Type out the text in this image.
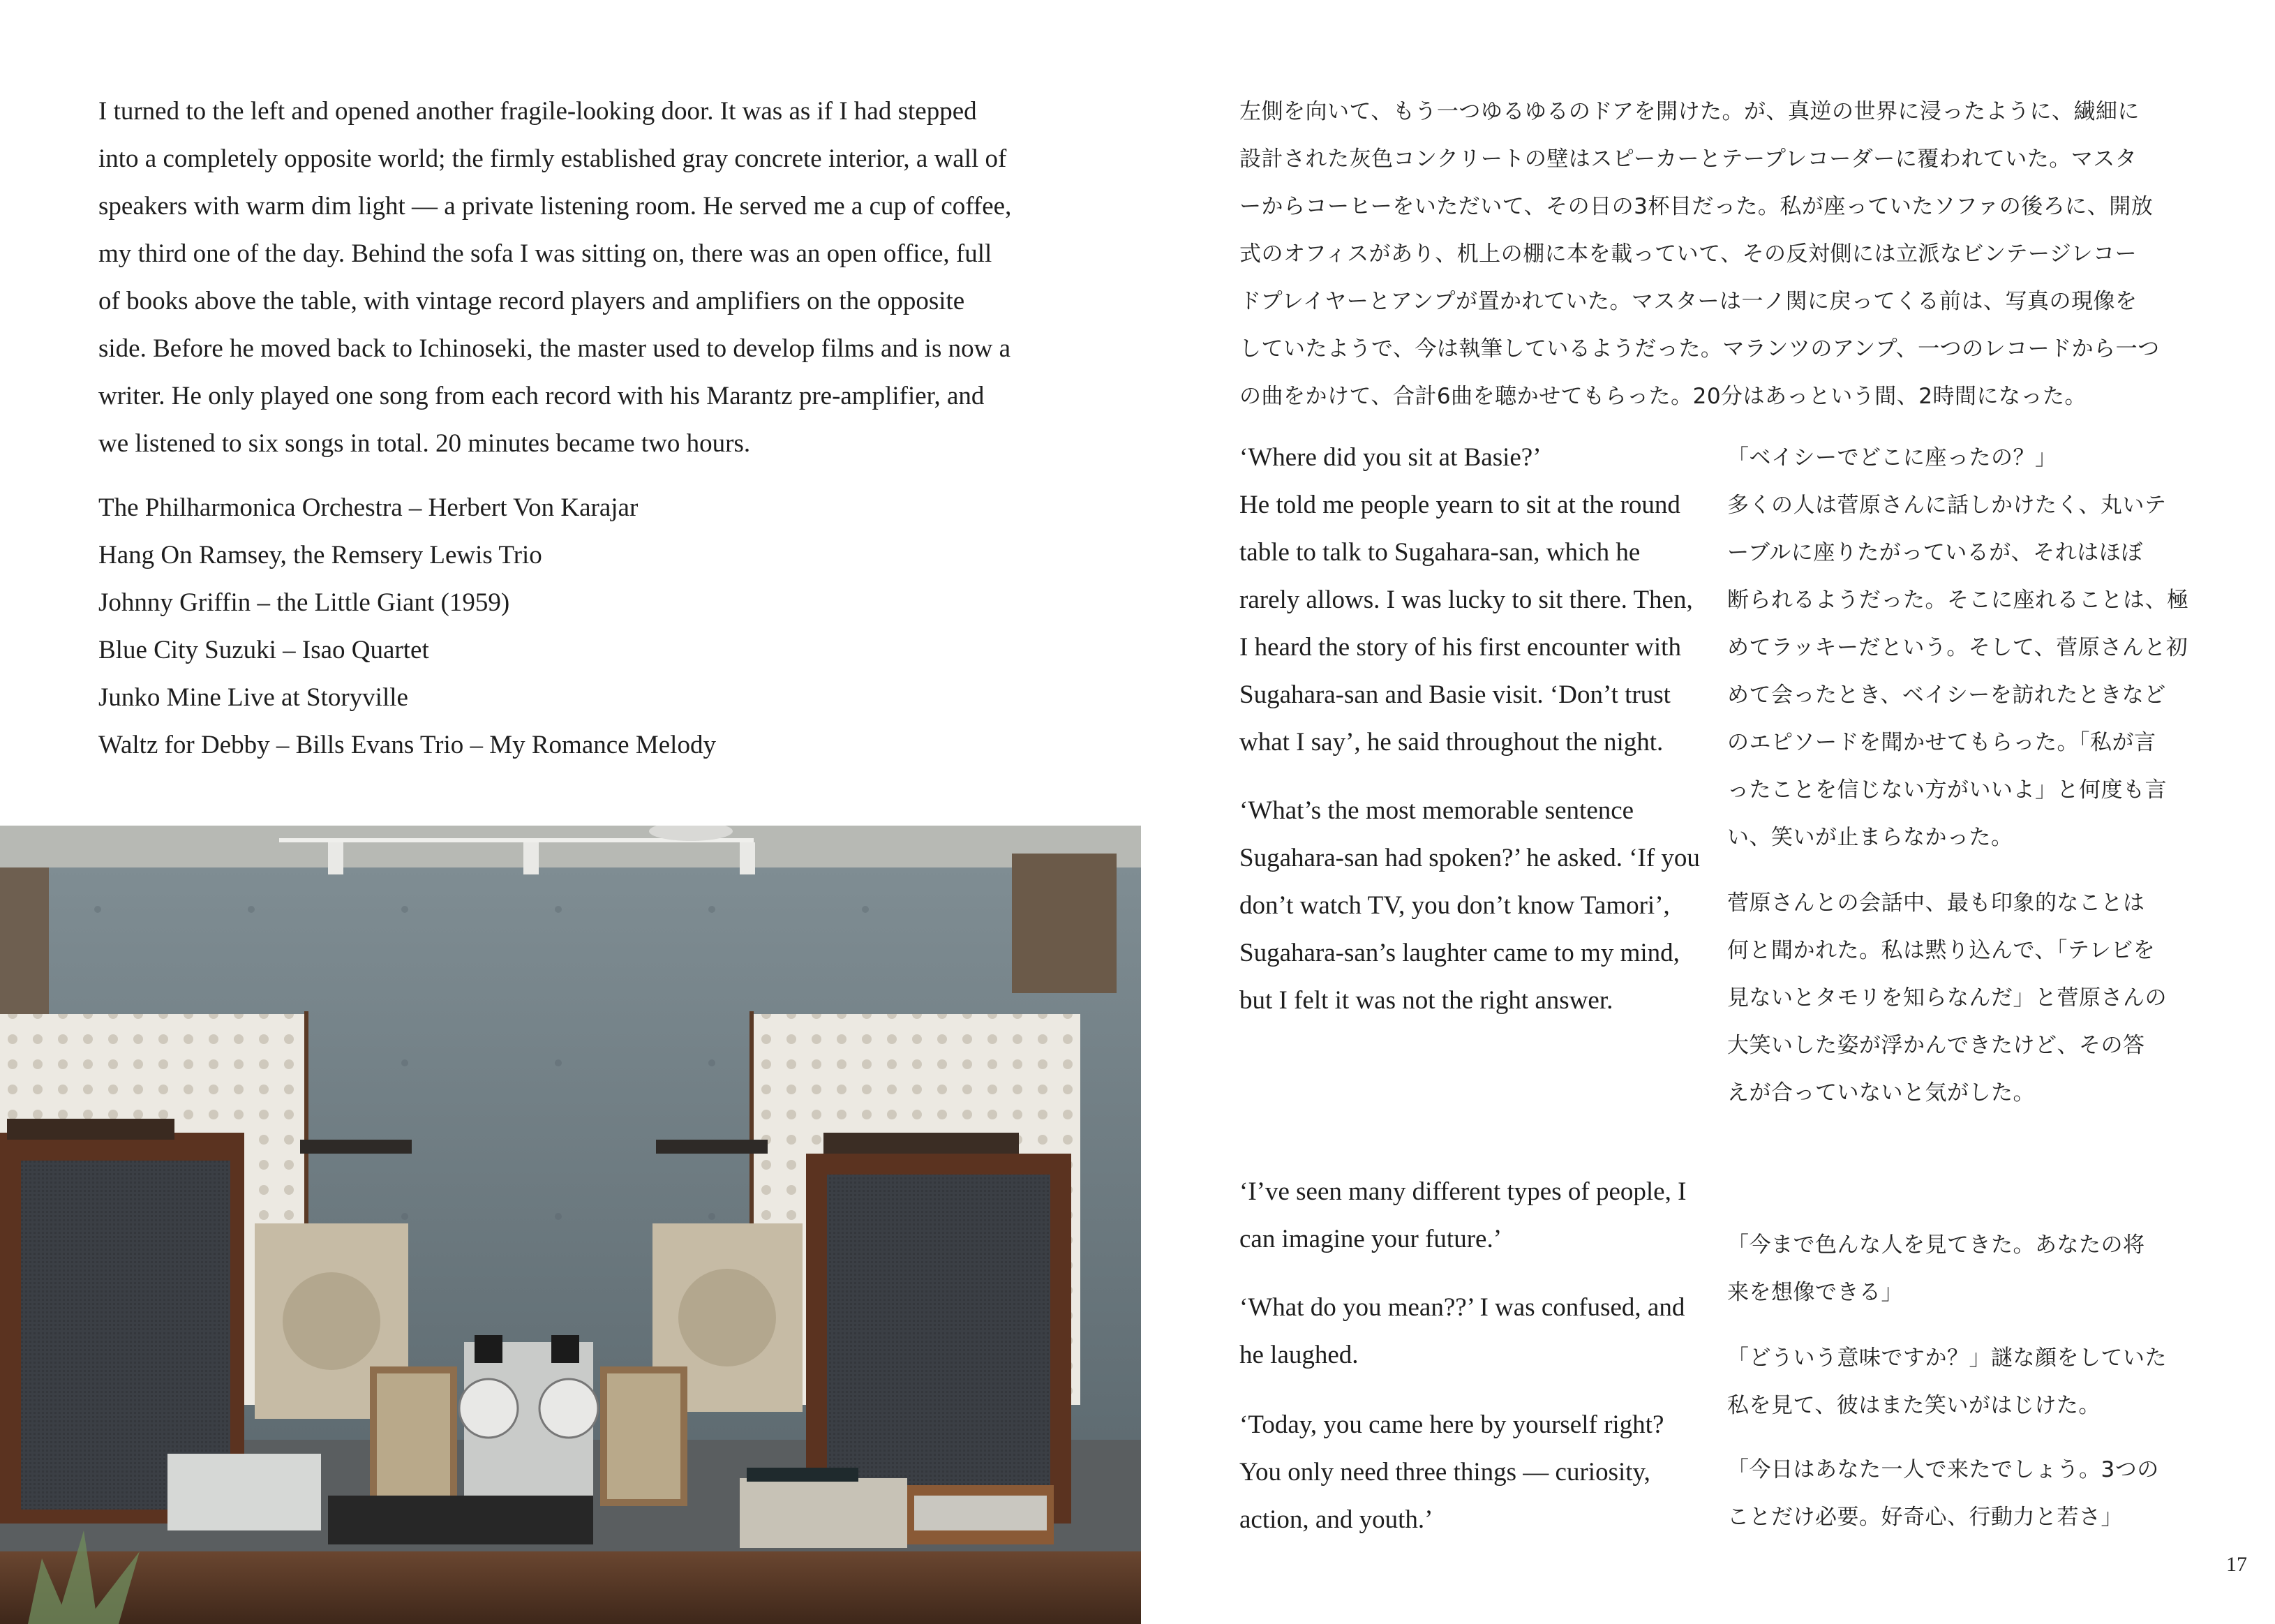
I turned to the left and opened another fragile-looking door. It was as if I had stepped
into a completely opposite world; the firmly established gray concrete interior, a wall of
speakers with warm dim light — a private listening room. He served me a cup of coffee,
my third one of the day. Behind the sofa I was sitting on, there was an open office, full
of books above the table, with vintage record players and amplifiers on the opposite
side. Before he moved back to Ichinoseki, the master used to develop films and is now a
writer. He only played one song from each record with his Marantz pre-amplifier, and
we listened to six songs in total. 20 minutes became two hours.
The Philharmonica Orchestra – Herbert Von Karajar
Hang On Ramsey, the Remsery Lewis Trio
Johnny Griffin – the Little Giant (1959)
Blue City Suzuki – Isao Quartet
Junko Mine Live at Storyville
Waltz for Debby – Bills Evans Trio – My Romance Melody
左側を向いて、もう一つゆるゆるのドアを開けた。が、真逆の世界に浸ったように、繊細に
設計された灰色コンクリートの壁はスピーカーとテープレコーダーに覆われていた。マスタ
ーからコーヒーをいただいて、その日の3杯目だった。私が座っていたソファの後ろに、開放
式のオフィスがあり、机上の棚に本を載っていて、その反対側には立派なビンテージレコー
ドプレイヤーとアンプが置かれていた。マスターは一ノ関に戻ってくる前は、写真の現像を
していたようで、今は執筆しているようだった。マランツのアンプ、一つのレコードから一つ
の曲をかけて、合計6曲を聴かせてもらった。20分はあっという間、2時間になった。
‘Where did you sit at Basie?’
He told me people yearn to sit at the round
table to talk to Sugahara-san, which he
rarely allows. I was lucky to sit there. Then,
I heard the story of his first encounter with
Sugahara-san and Basie visit. ‘Don’t trust
what I say’, he said throughout the night.
‘What’s the most memorable sentence
Sugahara-san had spoken?’ he asked. ‘If you
don’t watch TV, you don’t know Tamori’,
Sugahara-san’s laughter came to my mind,
but I felt it was not the right answer.
「ベイシーでどこに座ったの？」
多くの人は菅原さんに話しかけたく、丸いテ
ーブルに座りたがっているが、それはほぼ
断られるようだった。そこに座れることは、極
めてラッキーだという。そして、菅原さんと初
めて会ったとき、ベイシーを訪れたときなど
のエピソードを聞かせてもらった。「私が言
ったことを信じない方がいいよ」と何度も言
い、笑いが止まらなかった。
菅原さんとの会話中、最も印象的なことは
何と聞かれた。私は黙り込んで、「テレビを
見ないとタモリを知らなんだ」と菅原さんの
大笑いした姿が浮かんできたけど、その答
えが合っていないと気がした。
‘I’ve seen many different types of people, I
can imagine your future.’
‘What do you mean??’ I was confused, and
he laughed.
‘Today, you came here by yourself right?
You only need three things — curiosity,
action, and youth.’
「今まで色んな人を見てきた。あなたの将
来を想像できる」
「どういう意味ですか？」謎な顔をしていた
私を見て、彼はまた笑いがはじけた。
「今日はあなた一人で来たでしょう。3つの
ことだけ必要。好奇心、行動力と若さ」
17
